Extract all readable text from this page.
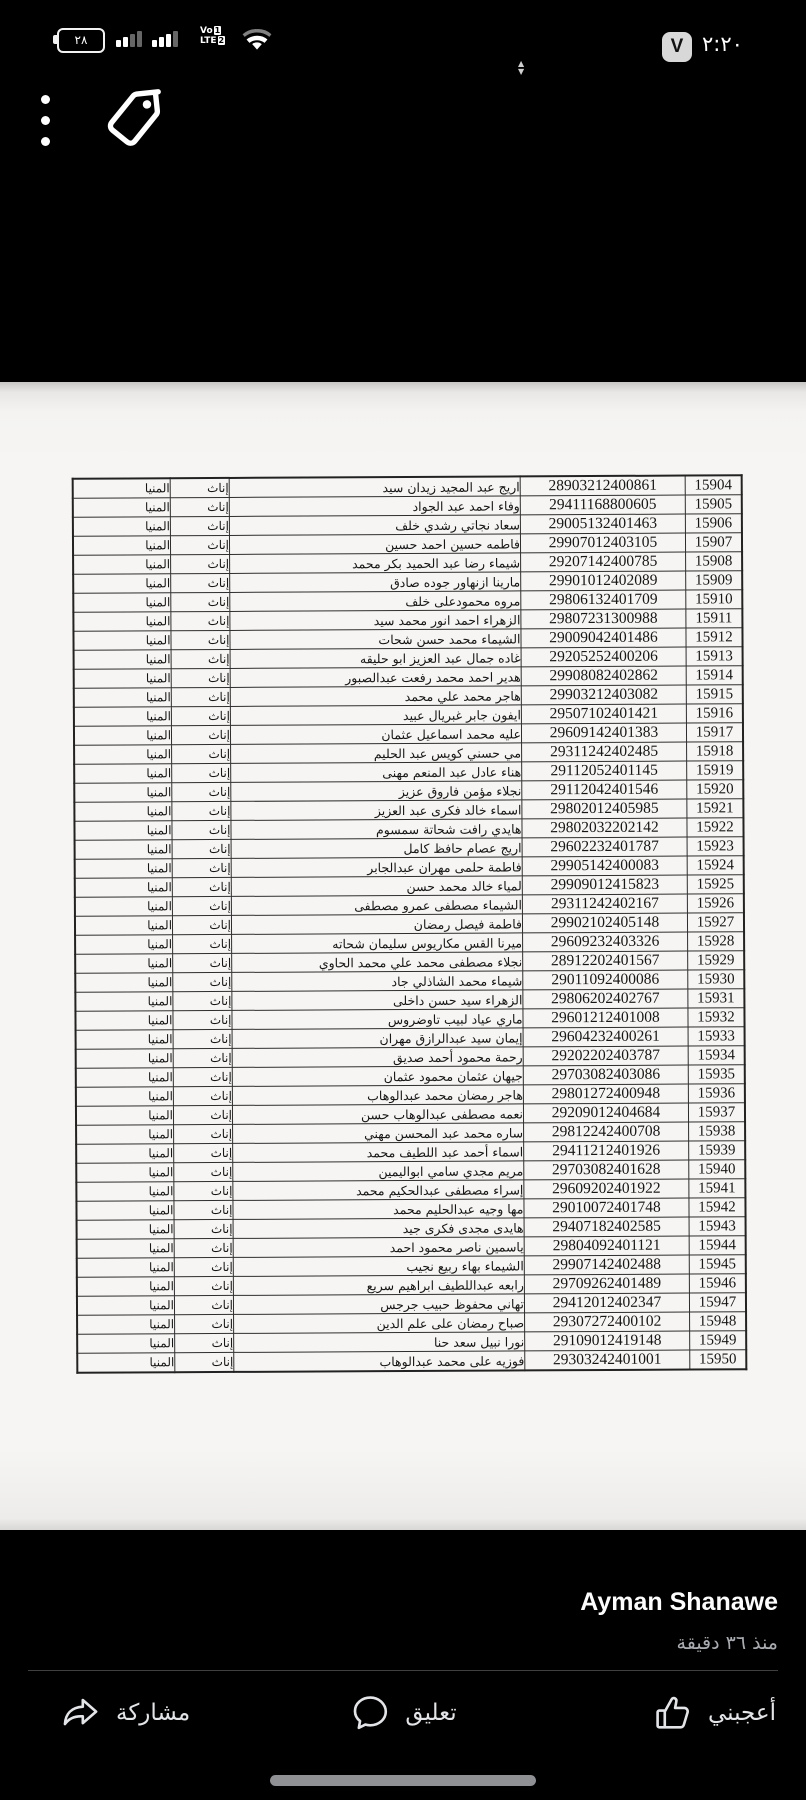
٢٨
Vo 1
LTE 2
▲
▼
V ٢:٢٠
15904	28903212400861	اريج عبد المجيد زيدان سيد	إناث	المنيا
15905	29411168800605	وفاء احمد عبد الجواد	إناث	المنيا
15906	29005132401463	سعاد نجاتي رشدي خلف	إناث	المنيا
15907	29907012403105	فاطمه حسين احمد حسين	إناث	المنيا
15908	29207142400785	شيماء رضا عبد الحميد بكر محمد	إناث	المنيا
15909	29901012402089	مارينا ازنهاور جوده صادق	إناث	المنيا
15910	29806132401709	مروه محمودعلى خلف	إناث	المنيا
15911	29807231300988	الزهراء احمد انور محمد سيد	إناث	المنيا
15912	29009042401486	الشيماء محمد حسن شحات	إناث	المنيا
15913	29205252400206	غاده جمال عبد العزيز ابو حليقه	إناث	المنيا
15914	29908082402862	هدير احمد محمد رفعت عبدالصبور	إناث	المنيا
15915	29903212403082	هاجر محمد علي محمد	إناث	المنيا
15916	29507102401421	ايفون جابر غبريال عبيد	إناث	المنيا
15917	29609142401383	عليه محمد اسماعيل عثمان	إناث	المنيا
15918	29311242402485	مي حسني كويس عبد الحليم	إناث	المنيا
15919	29112052401145	هناء عادل عبد المنعم مهنى	إناث	المنيا
15920	29112042401546	نجلاء مؤمن فاروق عزيز	إناث	المنيا
15921	29802012405985	اسماء خالد فكرى عبد العزيز	إناث	المنيا
15922	29802032202142	هايدي رافت شحاتة سمسوم	إناث	المنيا
15923	29602232401787	اريج عصام حافظ كامل	إناث	المنيا
15924	29905142400083	فاطمة حلمى مهران عبدالجابر	إناث	المنيا
15925	29909012415823	لمياء خالد محمد حسن	إناث	المنيا
15926	29311242402167	الشيماء مصطفى عمرو مصطفى	إناث	المنيا
15927	29902102405148	فاطمة فيصل رمضان	إناث	المنيا
15928	29609232403326	ميرنا القس مكاريوس سليمان شحاته	إناث	المنيا
15929	28912202401567	نجلاء مصطفى محمد علي محمد الحاوي	إناث	المنيا
15930	29011092400086	شيماء محمد الشاذلي جاد	إناث	المنيا
15931	29806202402767	الزهراء سيد حسن داخلى	إناث	المنيا
15932	29601212401008	ماري عياد لبيب تاوضروس	إناث	المنيا
15933	29604232400261	إيمان سيد عبدالرازق مهران	إناث	المنيا
15934	29202202403787	رحمة محمود أحمد صديق	إناث	المنيا
15935	29703082403086	جيهان عثمان محمود عثمان	إناث	المنيا
15936	29801272400948	هاجر رمضان محمد عبدالوهاب	إناث	المنيا
15937	29209012404684	نعمه مصطفى عبدالوهاب حسن	إناث	المنيا
15938	29812242400708	ساره محمد عبد المحسن مهني	إناث	المنيا
15939	29411212401926	اسماء أحمد عبد اللطيف محمد	إناث	المنيا
15940	29703082401628	مريم مجدي سامي ابواليمين	إناث	المنيا
15941	29609202401922	إسراء مصطفى عبدالحكيم محمد	إناث	المنيا
15942	29010072401748	مها وجيه عبدالحليم محمد	إناث	المنيا
15943	29407182402585	هايدى مجدى فكرى جيد	إناث	المنيا
15944	29804092401121	ياسمين ناصر محمود احمد	إناث	المنيا
15945	29907142402488	الشيماء بهاء ربيع نجيب	إناث	المنيا
15946	29709262401489	رابعه عبداللطيف ابراهيم سريع	إناث	المنيا
15947	29412012402347	تهاني محفوظ حبيب جرجس	إناث	المنيا
15948	29307272400102	صباح رمضان على علم الدين	إناث	المنيا
15949	29109012419148	نورا نبيل سعد حنا	إناث	المنيا
15950	29303242401001	فوزيه على محمد عبدالوهاب	إناث	المنيا
Ayman Shanawe
منذ ٣٦ دقيقة
أعجبني
تعليق
مشاركة
